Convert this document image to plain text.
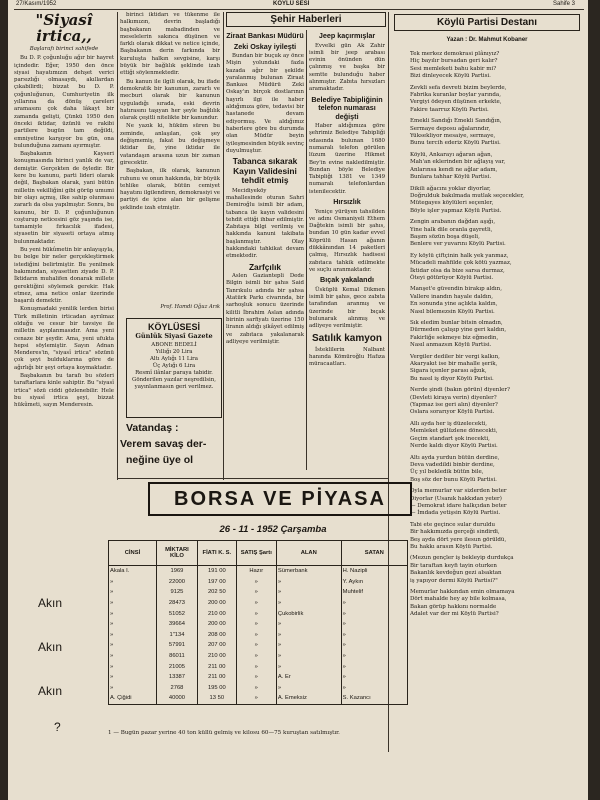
27/Kasım/1952	KÖYLÜ SESİ	Sahife 3
"Siyasî irtica,,
Başlarafı birinci sahifede

Bu D. P. çoğunluğu ağır bir hayret içindedir. Eğer, 1950 den önce siyasi hayatımızın dehşet verici parsızlığı olmasaydı, akıllardan çıkabilirdi; bizzat bu D. P. çoğunluğunun, Cumhuriyetin ilk yıllarına da dönüş çareleri aramasını çok daha lâkayt bir zamanda gelişti, Çünkü 1950 den önceki iktidar, üzünlü ve rakibi partilere bugün tam değildi, emniyetine karşıyor bu gün, ona bulunduğuna zamanı ayırmıştır.

Başbakanın Kayseri konuşmasında birinci yanlık de var, demiştir. Gerçekten de öyledir. Bir kere bu kanunu, parti lideri olarak değil, Başbakan olarak, yani bütün milletin vekilliğini gibi görüp umumi bir olayı açmış, ilke sahip olunması zararlı da olsa yapılmıştır. Sonra, bu kanunu, bir D. P. çoğunluğunun coşturup neticesini göz yaşında ise, tamamiyle fırkacılık ifadesi, siyasetin bir siyaseti ortaya atmış bulunmaktadır.

Bu yeni hükûmetin bir anlayışıyla, bu belge bir neler gerçekleştirmek istediğini belirtmiştir. Bu yenilmek bakımından, siyasetten ziyade D. P. İktidarın muhalifen donarak millete gerektiğini söylemek gerekir. Hak etmez, ama netice onlar üzerinde başarılı demektir.

Konuşmadaki yenilik lerden birisi Türk milletinin irticadan ayrılmaz olduğu ve cesur bir tavsiye ile milletin ayıplanmasıdır. Ama yeni cenaze bir şeydir. Ama, yeni ufukta hepsi söylemiştir. Sayın Adnan Menderes'in, "siyasî irtica" sözünü çok şeyi bulduklarına göre de ağırlığı bir şeyi ortaya koymaktadır.

Başbakanın bu tarafı bu sözleri taraftarlara kinle sahiptir. Bu "siyasî irtica" sözü ciddi gözlenebilir. Hele bu siyasî irtica şeyi, bizzat hükûmeti, sayın Menderesin.

birinci iktidarı ve tükenme ile halkımızın, devrin başladığı başbakanın mabadinden ve meselelerin sakınca düşünen ve farklı olarak dikkat ve netice içinde, Başbakanın derin farkında bir kuruluşta halkın sevgisine, karşı büyük bir bağlılık şeklinde izah ettiği söylenmektedir.

Bu kanun ile ilgili olarak, bu ifade demokratik bir kanunun, zararlı ve mecburi olarak bir kanunun uyguladığı sırada, eski devrin hatırasını taşıyan her şeyle bağlılık olarak çeşitli nitelikte bir kanundur.

Ne yazık ki, hüküm süren bu zeminde, anlaşılan, çok şey değişmemiş, fakat bu değişmeye iktidar ile, yine iktidar ile vatandaşın arasına uzun bir zaman girecektir.

Başbakan, ilk olarak, kanunun ruhunu ve onun hakkında, bir büyük tehlike olarak, bütün cemiyet hayatını ilgilendiren, demokrasiyi ve partiyi de içine alan bir gelişme şeklinde izah etmiştir.

Prof. Hamdi Oğuz Arık
KÖYLÜSESİ
Günlük Siyasî Gazete
ABONE BEDELİ
Yıllığı 20 Lira
Altı Aylığı 11 Lira
Üç Aylığı 6 Lira
Resmî ilânlar paraya tabidir.
Gönderilen yazılar neşredilsin, yayınlanmasın geri verilmez.
Vatandaş :
Verem savaş der-
neğine üye ol
Şehir Haberleri
Ziraat Bankası Müdürü
Zeki Oskay iyileşti

Bundan bir buçuk ay önce Mişin yolundaki fazla kazada ağır bir şekilde yaralanmış bulunan Ziraat Bankası Müdürü Zeki Oskay'ın birçok dostlarının hayırlı ilgi ile haber aldığımıza göre, tedavisi bir hastanede devam ediyormuş. Ve aldığımız haberlere göre bu durumda olan Müdür beyin iyileşmesinden büyük sevinç duyulmuştur.

Tabanca sıkarak Kayın Validesini tehdit etmiş

Mecidiyeköy mahallesinde oturan Sahri Demiroğlu isimli bir adam, tabanca ile kayın validesini tehdit ettiği ihbar edilmiştir. Zabıtaya bilgi verilmiş ve hakkında kanuni takibata başlanmıştır. Olay hakkındaki tahkikat devam etmektedir.

Zarfçılık

Aslen Gaziantepli Dede Bilgin isimli bir şahıs Said Tanrıkulu adında bir şahsa Atatürk Parkı civarında, bir sarhoşluk sonucu üzerinde kilitli İbrahim Aslan adında birinin sarfiyatı üzerine 150 liranın aldığı şikâyet edilmiş ve zabıtaca yakalanarak adliyeye verilmiştir.

Jeep kaçırmışlar

Evvelki gün Ak Zahir isimli bir jeep arabası evinin önünden dün çalınmış ve başka bir semtte bulunduğu haber alınmıştır. Zabıta hırsızları aramaktadır.

Belediye Tabipliğinin telefon numarası değişti

Haber aldığımıza göre şehrimiz Belediye Tabipliği odasında bulunan 1680 numaralı telefon görülen lüzum üzerine Hikmet Bey'in evine nakledilmiştir. Bundan böyle Belediye Tabipliği 1381 ve 1349 numaralı telefonlardan istenilecektir.

Hırsızlık

Yeniçe yürüyen tahsilden ve adını Osmaniyeli Ethem Dağtekin isimli bir şahıs, bundan 10 gün kadar evvel Köprülü Hasan ağanın dükkânından 14 paketleri çalmış, Hırsızlık hadisesi zabıtaca tahkik edilmekte ve suçlu aranmaktadır.

Bıçak yakalandı

Üsküplü Kemal Dikmen isimli bir şahıs, gece zabıta tarafından aranmış ve üzerinde bir bıçak bulunarak alınmış ve adliyeye verilmiştir.

Satılık kamyon

İsteklilerin Nalbant hanında Kömüroğlu Hafıza müracaatları.

Köylü Partisi Destanı
Yazan : Dr. Mahmut Kobaner
Tek merkez demokrasi plânıyız?
Hiç bayılır bursadan geri kalır?
Sesi memleketi bahu kabir mi?
Bizi dinleyecek Köylü Partisi.
Zevkli sefa devreti bizim beylerde,
Fabrika kuranlar boylar yarında,
Vergiyi ödeyen düşünen erkekte,
Fakire taarruz Köylü Partisi.
Emekli Sandığı Emekli Sandığın,
Sermaye deposu ağalarındır,
Yüksekliyor mesaiye, sermaye,
Bunu tercih ederiz Köylü Partisi.
Köylü, Ankarayı ağaran ağan,
Mah'an eklerinden bir ağlayış var,
Anlarınsa kendi ne ağlar adam,
Bunlara tahhar Köylü Partisi.
Dikili ağacını yoklar diyorlar,
Doğrulduk bakılmada mutlak seçecekler,
Mütegayes köylüleri seçenler,
Böyle işler yapmaz Köylü Partisi.
Zengin arabanın dağdan aşığı,
Yine halk dile oranla gayretli,
Başım sözün boşa düşeli,
Benlere ver yuvarını Köylü Partisi.
Ey köylü çiftçinin halk yek yanmaz,
Mücadeli mahfilde çok kötü yazmaz,
İktidar olsa da bize sarsa durmaz,
Öteyi götürüyor Köylü Partisi.
Manşet'e güvendin birakıp aldın,
Vallere inandın hayale daldın,
En sonunda yine açlıkta kaldın,
Nasıl bilemezsin Köylü Partisi.
Sık eledim bunlar bitsin olmadın,
Dürmeden çalışıp yine geri kaldın,
Fakirliğe sekmeye biz eğmedin,
Nasıl anmazsın Köylü Partisi.
Vergiler dediler bir vergi kalkın,
Akaryakıt ise bir mahalle şerik,
Sigara içenler parası ağzık,
Bu nasıl iş diyor Köylü Partisi.
Nerde şindi (bakın görün) diyenler?
(Devleti kiraya verin) diyenler?
(Yapmaz ise geri alın) diyenler?
Oslara sorarıyor Köylü Partisi.
Allı ayda her iş düzelecekti,
Memleket gülüzlene dönecekti,
Geçim standart şok inecekti,
Nerde kaldı diyor Köylü Partisi.
Altı ayda yurdun bütün derdine,
Deva vadedildi binbir derdine,
Üç yıl bekledik bütün bile,
Boş söz der bunu Köylü Partisi.
Oyla memurlar var sizlerden beter
Diyorlar (Usanık hakkıdan yeter)
— Demokrat idare halkçıdan beter
— İmdada yetişsin Köylü Partisi.
Tabi ete geçince sular duruldu
Bir hakkımızda gerçeği sindirdi,
Beş ayda dört yere ilesun görüldü,
Bu hakkı arasın Köylü Partisi.
(Mezun gençler iş bekleyip durdukça
Bir taraftan keyfi tayin oturken
Bakanlık kevdeğun gezi alsaktan
iş yapıyor dermi Köylü Partisi?"
Memurlar hakkından emin olmamaya
Dört mahalde hey ay bile kolmasa,
Bakan görüp hakkını normalde
Adalet var der mi Köylü Partisi?
BORSA VE PİYASA
26 - 11 - 1952 Çarşamba
CİNSİ	MİKTARI KİLO	FİATI K. S.	SATIŞ Şartı	ALAN	SATAN
Akala I.	1969	191 00	Hazır	Sümerbank	H. Nazipli
»	22000	197 00	»	»	Y. Aykın
»	9125	202 50	»	»	Muhtelif
»	28473	200 00	»	»	»
»	51052	210 00	»	Çukobirlik	»
»	39664	200 00	»	»	»
»	1"134	208 00	»	»	»
»	57991	207 00	»	»	»
»	86011	210 00	»	»	»
»	21005	211 00	»	»	»
»	13387	211 00	»	A. Er	»
»	2768	195 00	»	»	»
A. Çiğidi	40000	13 50	»	A. Emeksiz	S. Kazancı
Akın
Akın
Akın
?	1 — Bugün pazar yerine 40 ton küllü gelmiş ve kilosu 60—75 kuruştan satılmıştır.
